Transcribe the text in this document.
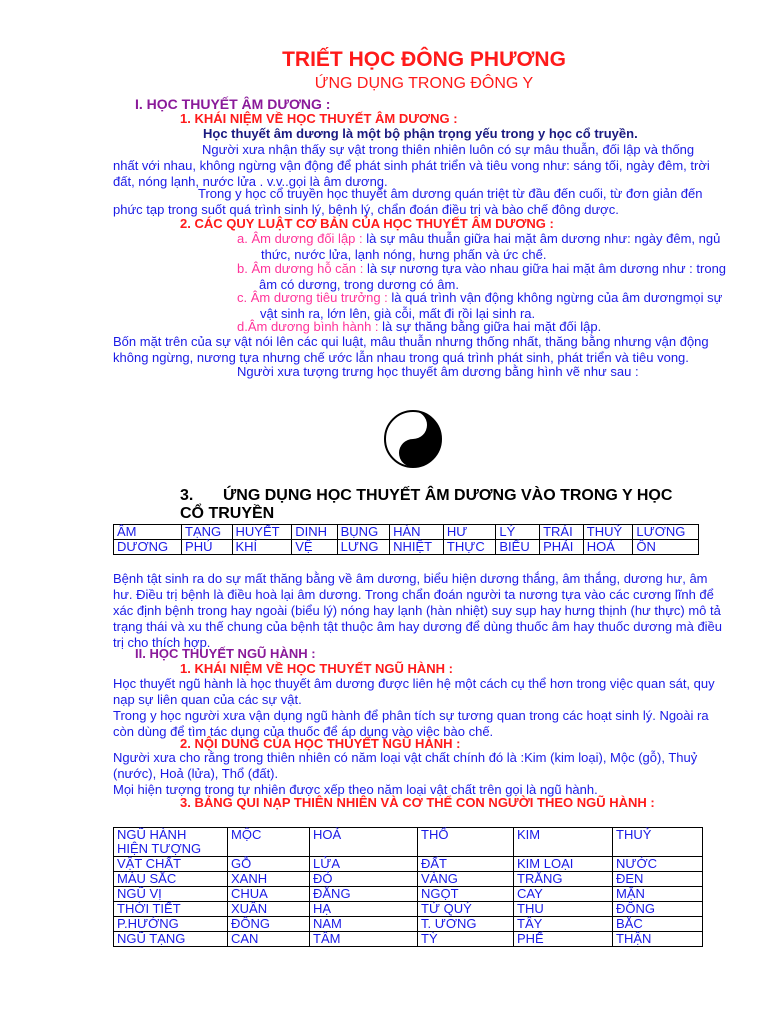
TRIẾT HỌC ĐÔNG PHƯƠNG
ỨNG DỤNG TRONG ĐÔNG Y
I. HỌC THUYẾT ÂM DƯƠNG :
1. KHÁI NIỆM VỀ HỌC THUYẾT ÂM DƯƠNG :
Học thuyết âm dương là một bộ phận trọng yếu trong y học cổ truyền.
Người xưa nhận thấy sự vật trong thiên nhiên luôn có sự mâu thuẫn, đối lập và thống
nhất với nhau, không ngừng vận động để phát sinh phát triển và tiêu vong như: sáng tối, ngày đêm, trời
đất, nóng lạnh, nước lửa . v.v..gọi là âm dương.
Trong y học cổ truyền học thuyết âm dương quán triệt từ đầu đến cuối, từ đơn giản đến
phức tạp trong suốt quá trình sinh lý, bệnh lý, chẩn đoán điều trị và bào chế đông dược.
2. CÁC QUY LUẬT CƠ BẢN CỦA HỌC THUYẾT ÂM DƯƠNG :
a. Âm dương đối lập : là sự mâu thuẫn giữa hai mặt âm dương như: ngày đêm, ngủ
thức, nước lửa, lạnh nóng, hưng phấn và ức chế.
b. Âm dương hỗ căn : là sự nương tựa vào nhau giữa hai mặt âm dương như : trong
âm có dương, trong dương có âm.
c. Âm dương tiêu trưởng : là quá trình vận động không ngừng của âm dươngmọi sự
vật sinh ra, lớn lên, già cỗi, mất đi rồi lại sinh ra.
d.Âm dương bình hành : là sự thăng bằng giữa hai mặt đối lập.
Bốn mặt trên của sự vật nói lên các qui luật, mâu thuẫn nhưng thống nhất, thăng bằng nhưng vận động
không ngừng, nương tựa nhưng chế ước lẫn nhau trong quá trình phát sinh, phát triển và tiêu vong.
Người xưa tượng trưng học thuyết âm dương bằng hình vẽ như sau :
3. ỨNG DỤNG HỌC THUYẾT ÂM DƯƠNG VÀO TRONG Y HỌC
CỔ TRUYỀN
ÂM	TẠNG	HUYẾT	DINH	BỤNG	HÀN	HƯ	LÝ	TRÁI	THUỶ	LƯƠNG
DƯƠNG	PHỦ	KHÍ	VỆ	LƯNG	NHIỆT	THỰC	BIỂU	PHẢI	HOẢ	ÔN
Bệnh tật sinh ra do sự mất thăng bằng về âm dương, biểu hiện dương thắng, âm thắng, dương hư, âm
hư. Điều trị bệnh là điều hoà lại âm dương. Trong chẩn đoán người ta nương tựa vào các cương lĩnh để
xác định bệnh trong hay ngoài (biểu lý) nóng hay lạnh (hàn nhiệt) suy sụp hay hưng thịnh (hư thực) mô tả
trạng thái và xu thế chung của bệnh tật thuộc âm hay dương để dùng thuốc âm hay thuốc dương mà điều
trị cho thích hợp.
II. HỌC THUYẾT NGŨ HÀNH :
1. KHÁI NIỆM VỀ HỌC THUYẾT NGŨ HÀNH :
Học thuyết ngũ hành là học thuyết âm dương được liên hệ một cách cụ thể hơn trong việc quan sát, quy
nạp sự liên quan của các sự vật.
Trong y học người xưa vận dụng ngũ hành để phân tích sự tương quan trong các hoạt sinh lý. Ngoài ra
còn dùng để tìm tác dụng của thuốc để áp dụng vào việc bào chế.
2. NỘI DUNG CỦA HỌC THUYẾT NGŨ HÀNH :
Người xưa cho rằng trong thiên nhiên có năm loại vật chất chính đó là :Kim (kim loại), Mộc (gỗ), Thuỷ
(nước), Hoả (lửa), Thổ (đất).
Mọi hiện tượng trong tự nhiên được xếp theo năm loại vật chất trên gọi là ngũ hành.
3. BẢNG QUI NẠP THIÊN NHIÊN VÀ CƠ THỂ CON NGƯỜI THEO NGŨ HÀNH :
NGŨ HÀNH
HIỆN TƯỢNG	MỘC	HOẢ	THỔ	KIM	THUỶ
VẬT CHẤT	GỖ	LỬA	ĐẤT	KIM LOẠI	NƯỚC
MÀU SẮC	XANH	ĐỎ	VÀNG	TRẮNG	ĐEN
NGŨ VỊ	CHUA	ĐẮNG	NGỌT	CAY	MẶN
THỜI TIẾT	XUÂN	HẠ	TỨ QUÝ	THU	ĐÔNG
P.HƯỚNG	ĐÔNG	NAM	T. ƯƠNG	TÂY	BẮC
NGŨ TẠNG	CAN	TÂM	TỲ	PHẾ	THẬN
